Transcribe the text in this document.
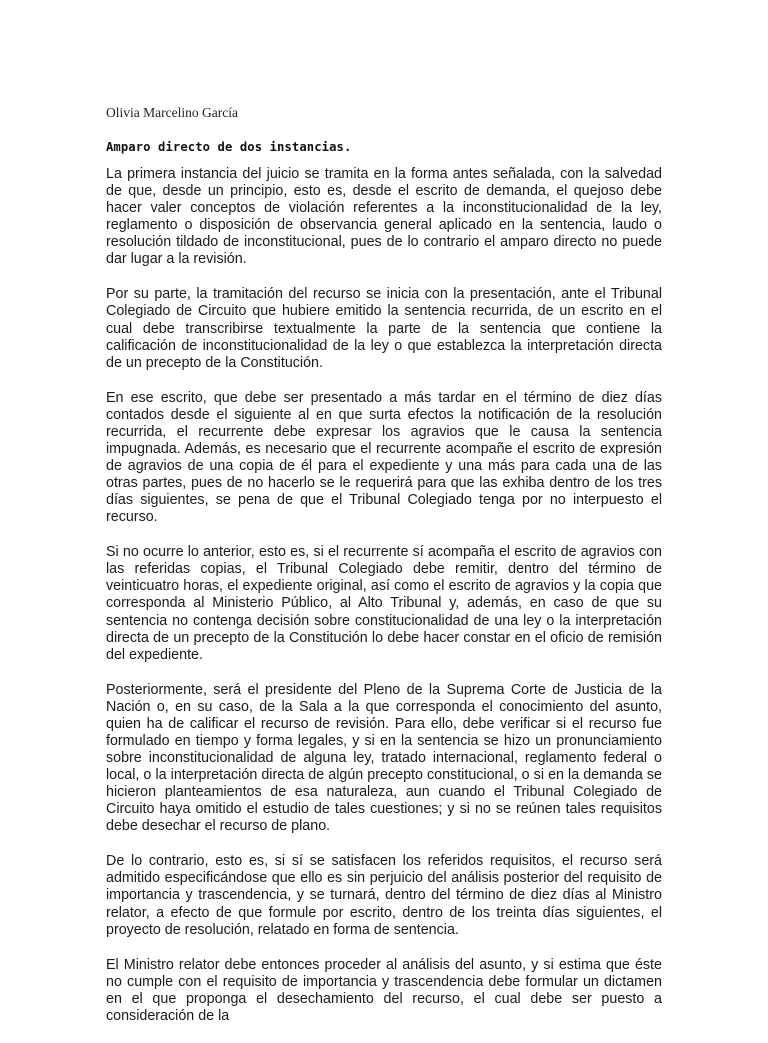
Olivia Marcelino García
Amparo directo de dos instancias.

La primera instancia del juicio se tramita en la forma antes señalada, con la salvedad de que, desde un principio, esto es, desde el escrito de demanda, el quejoso debe hacer valer conceptos de violación referentes a la inconstitucionalidad de la ley, reglamento o disposición de observancia general aplicado en la sentencia, laudo o resolución tildado de inconstitucional, pues de lo contrario el amparo directo no puede dar lugar a la revisión.

Por su parte, la tramitación del recurso se inicia con la presentación, ante el Tribunal Colegiado de Circuito que hubiere emitido la sentencia recurrida, de un escrito en el cual debe transcribirse textualmente la parte de la sentencia que contiene la calificación de inconstitucionalidad de la ley o que establezca la interpretación directa de un precepto de la Constitución.

En ese escrito, que debe ser presentado a más tardar en el término de diez días contados desde el siguiente al en que surta efectos la notificación de la resolución recurrida, el recurrente debe expresar los agravios que le causa la sentencia impugnada. Además, es necesario que el recurrente acompañe el escrito de expresión de agravios de una copia de él para el expediente y una más para cada una de las otras partes, pues de no hacerlo se le requerirá para que las exhiba dentro de los tres días siguientes, se pena de que el Tribunal Colegiado tenga por no interpuesto el recurso.

Si no ocurre lo anterior, esto es, si el recurrente sí acompaña el escrito de agravios con las referidas copias, el Tribunal Colegiado debe remitir, dentro del término de veinticuatro horas, el expediente original, así como el escrito de agravios y la copia que corresponda al Ministerio Público, al Alto Tribunal y, además, en caso de que su sentencia no contenga decisión sobre constitucionalidad de una ley o la interpretación directa de un precepto de la Constitución lo debe hacer constar en el oficio de remisión del expediente.

Posteriormente, será el presidente del Pleno de la Suprema Corte de Justicia de la Nación o, en su caso, de la Sala a la que corresponda el conocimiento del asunto, quien ha de calificar el recurso de revisión. Para ello, debe verificar si el recurso fue formulado en tiempo y forma legales, y si en la sentencia se hizo un pronunciamiento sobre inconstitucionalidad de alguna ley, tratado internacional, reglamento federal o local, o la interpretación directa de algún precepto constitucional, o si en la demanda se hicieron planteamientos de esa naturaleza, aun cuando el Tribunal Colegiado de Circuito haya omitido el estudio de tales cuestiones; y si no se reúnen tales requisitos debe desechar el recurso de plano.

De lo contrario, esto es, si sí se satisfacen los referidos requisitos, el recurso será admitido especificándose que ello es sin perjuicio del análisis posterior del requisito de importancia y trascendencia, y se turnará, dentro del término de diez días al Ministro relator, a efecto de que formule por escrito, dentro de los treinta días siguientes, el proyecto de resolución, relatado en forma de sentencia.

El Ministro relator debe entonces proceder al análisis del asunto, y si estima que éste no cumple con el requisito de importancia y trascendencia debe formular un dictamen en el que proponga el desechamiento del recurso, el cual debe ser puesto a consideración de la
